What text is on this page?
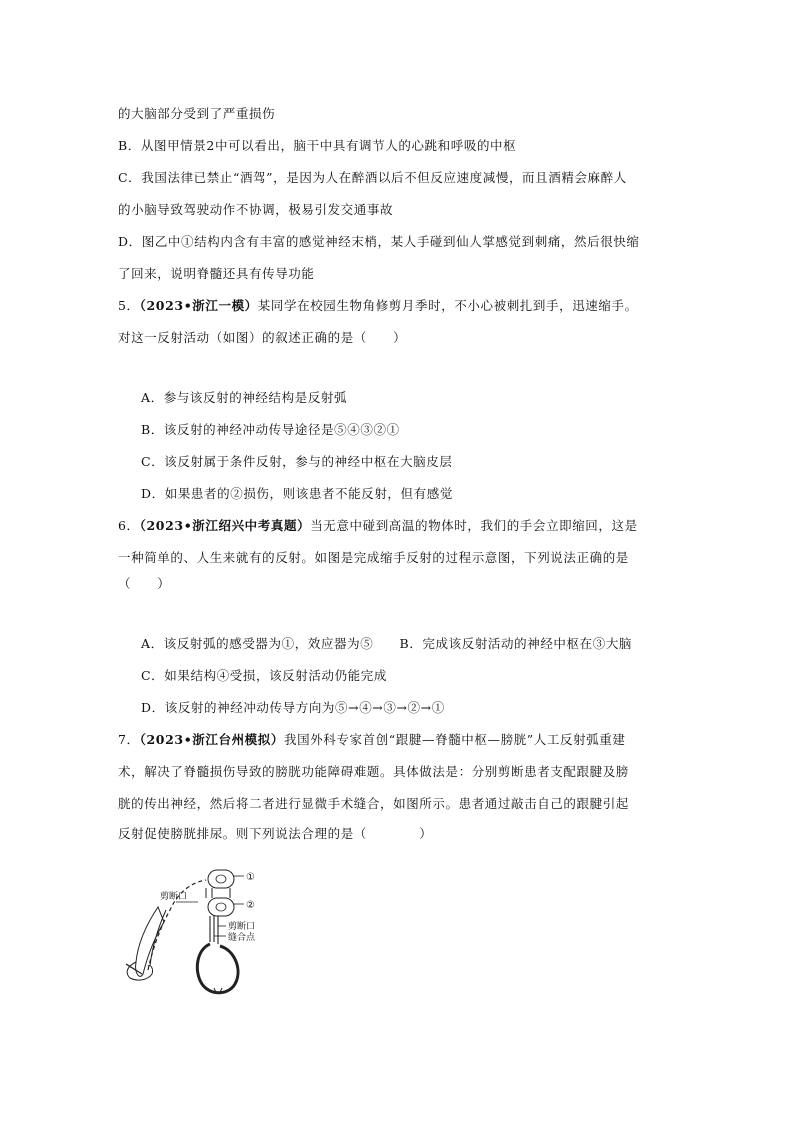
的大脑部分受到了严重损伤
B．从图甲情景2中可以看出，脑干中具有调节人的心跳和呼吸的中枢
C．我国法律已禁止“酒驾”，是因为人在醉酒以后不但反应速度减慢，而且酒精会麻醉人
的小脑导致驾驶动作不协调，极易引发交通事故
D．图乙中①结构内含有丰富的感觉神经末梢，某人手碰到仙人掌感觉到刺痛，然后很快缩
了回来，说明脊髓还具有传导功能
5．（2023•浙江一模）某同学在校园生物角修剪月季时，不小心被刺扎到手，迅速缩手。
对这一反射活动（如图）的叙述正确的是（　　）
A．参与该反射的神经结构是反射弧
B．该反射的神经冲动传导途径是⑤④③②①
C．该反射属于条件反射，参与的神经中枢在大脑皮层
D．如果患者的②损伤，则该患者不能反射，但有感觉
6．（2023•浙江绍兴中考真题）当无意中碰到高温的物体时，我们的手会立即缩回，这是
一种简单的、人生来就有的反射。如图是完成缩手反射的过程示意图，下列说法正确的是
（　　）
A．该反射弧的感受器为①，效应器为⑤　　B．完成该反射活动的神经中枢在③大脑
C．如果结构④受损，该反射活动仍能完成
D．该反射的神经冲动传导方向为⑤→④→③→②→①
7．（2023•浙江台州模拟）我国外科专家首创“跟腱—脊髓中枢—膀胱”人工反射弧重建
术，解决了脊髓损伤导致的膀胱功能障碍难题。具体做法是：分别剪断患者支配跟腱及膀
胱的传出神经，然后将二者进行显微手术缝合，如图所示。患者通过敲击自己的跟腱引起
反射促使膀胱排尿。则下列说法合理的是（　　　　）
①
②
剪断口
剪断口
缝合点
